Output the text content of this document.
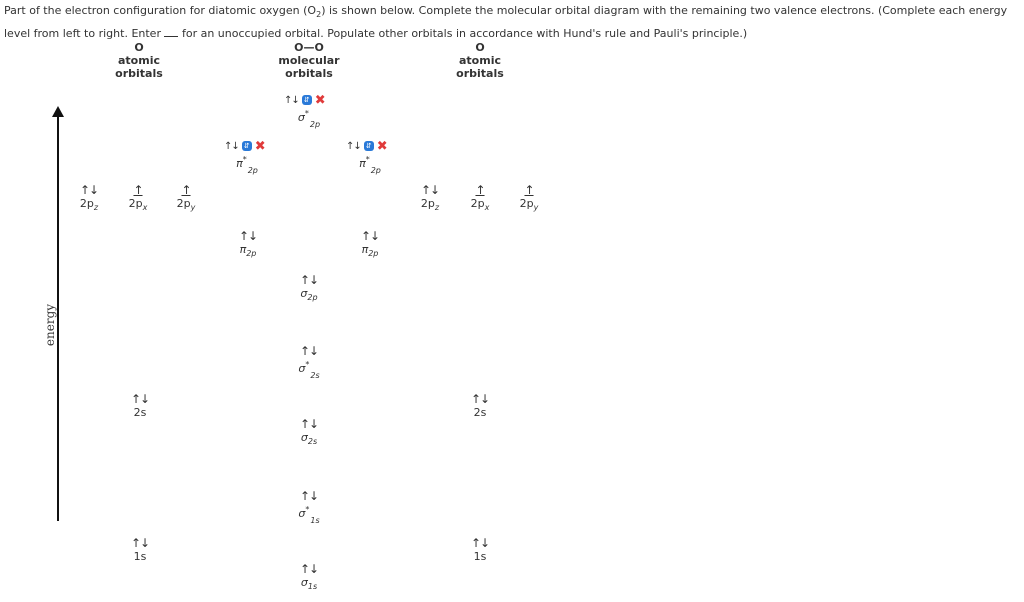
Part of the electron configuration for diatomic oxygen $(O_2)$ is shown below. Complete the molecular orbital diagram with the remaining two valence electrons. (Complete each energy level from left to right. Enter for an unoccupied orbital. Populate other orbitals in accordance with Hund's rule and Pauli's principle.)
O
atomic
orbitals
O—O
molecular
orbitals
O
atomic
orbitals
energy
↑↓
$2p_z$
↑
$2p_x$
↑
$2p_y$
↑↓
$2p_z$
↑
$2p_x$
↑
$2p_y$
↑↓
2s
↑↓
1s
↑↓
2s
↑↓
1s
↑↓ ⇵ ✖
$\sigma^*_{2p}$
↑↓ ⇵ ✖
$\pi^*_{2p}$
↑↓ ⇵ ✖
$\pi^*_{2p}$
↑↓
$\pi_{2p}$
↑↓
$\pi_{2p}$
↑↓
$\sigma_{2p}$
↑↓
$\sigma^*_{2s}$
↑↓
$\sigma_{2s}$
↑↓
$\sigma^*_{1s}$
↑↓
$\sigma_{1s}$
